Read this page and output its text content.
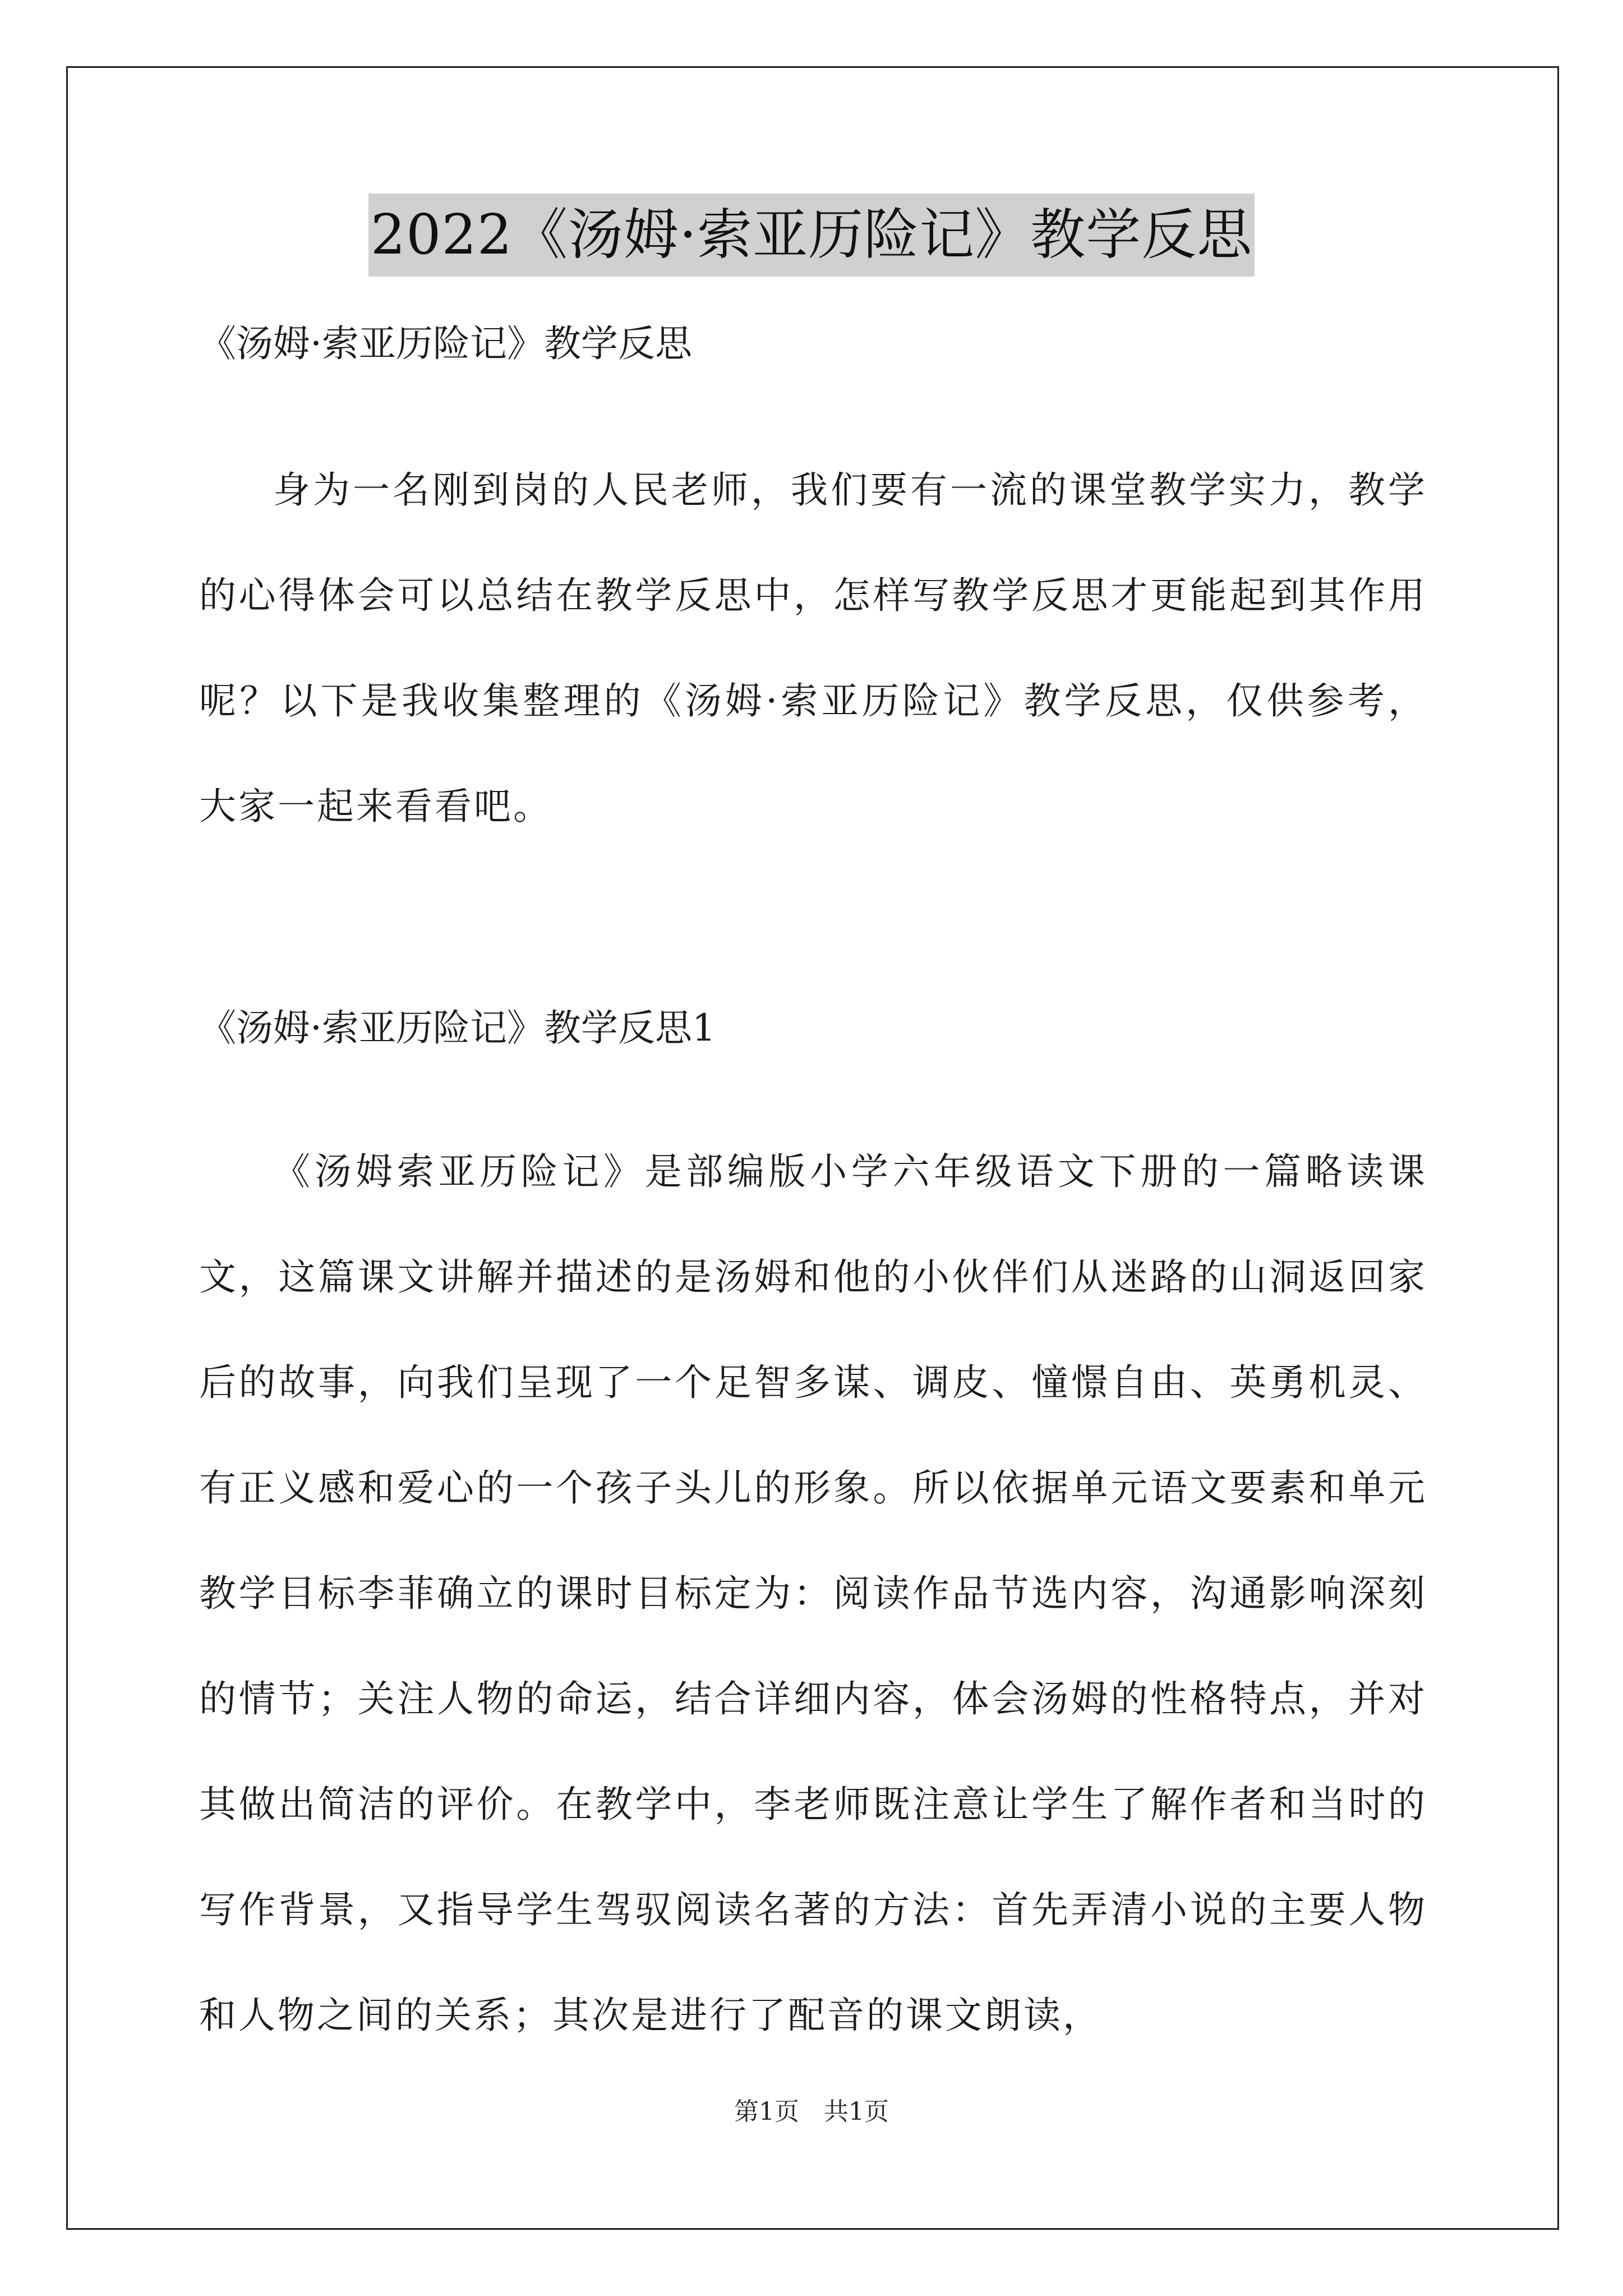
2022《汤姆·索亚历险记》教学反思
《汤姆·索亚历险记》教学反思
身为一名刚到岗的人民老师，我们要有一流的课堂教学实力，教学的心得体会可以总结在教学反思中，怎样写教学反思才更能起到其作用呢？以下是我收集整理的《汤姆·索亚历险记》教学反思，仅供参考，大家一起来看看吧。
《汤姆·索亚历险记》教学反思1
《汤姆索亚历险记》是部编版小学六年级语文下册的一篇略读课文，这篇课文讲解并描述的是汤姆和他的小伙伴们从迷路的山洞返回家后的故事，向我们呈现了一个足智多谋、调皮、憧憬自由、英勇机灵、有正义感和爱心的一个孩子头儿的形象。所以依据单元语文要素和单元教学目标李菲确立的课时目标定为：阅读作品节选内容，沟通影响深刻的情节；关注人物的命运，结合详细内容，体会汤姆的性格特点，并对其做出简洁的评价。在教学中，李老师既注意让学生了解作者和当时的写作背景，又指导学生驾驭阅读名著的方法：首先弄清小说的主要人物和人物之间的关系；其次是进行了配音的课文朗读，
第1页　共1页
